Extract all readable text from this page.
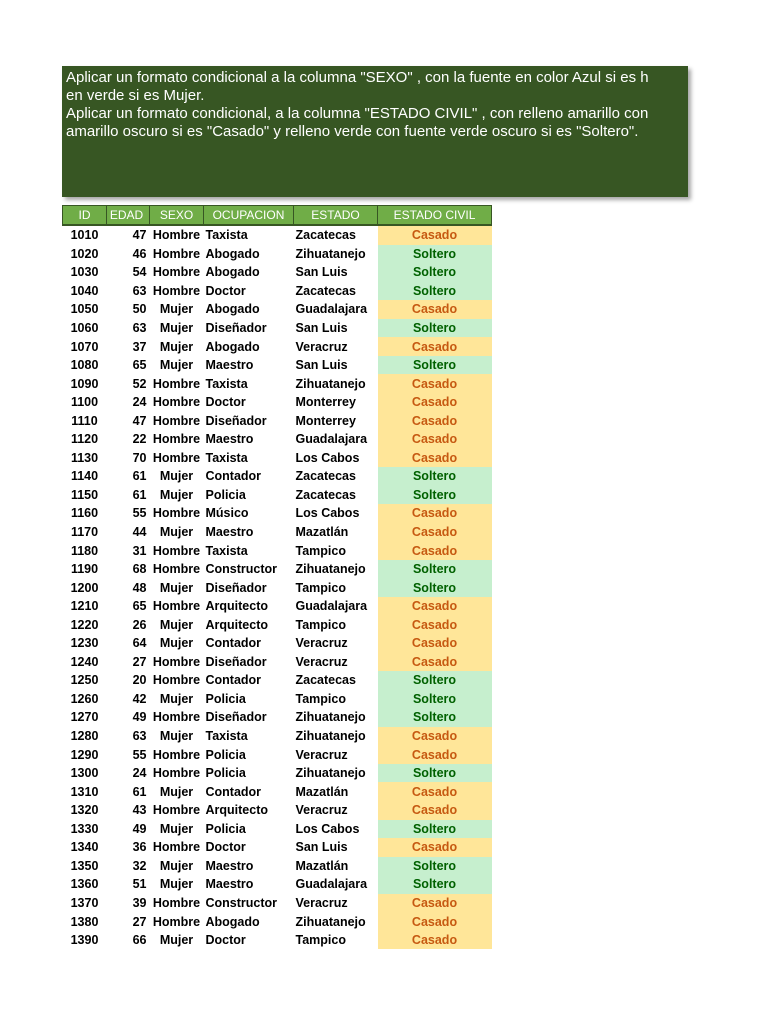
Aplicar un formato condicional a la columna "SEXO" , con la fuente en color Azul si es h
en verde si es Mujer.
Aplicar un formato condicional, a la columna "ESTADO CIVIL" , con relleno amarillo con
amarillo oscuro si es "Casado" y relleno verde con fuente verde oscuro si es "Soltero".
ID	EDAD	SEXO	OCUPACION	ESTADO	ESTADO CIVIL
1010	47	Hombre	Taxista	Zacatecas	Casado
1020	46	Hombre	Abogado	Zihuatanejo	Soltero
1030	54	Hombre	Abogado	San Luis	Soltero
1040	63	Hombre	Doctor	Zacatecas	Soltero
1050	50	Mujer	Abogado	Guadalajara	Casado
1060	63	Mujer	Diseñador	San Luis	Soltero
1070	37	Mujer	Abogado	Veracruz	Casado
1080	65	Mujer	Maestro	San Luis	Soltero
1090	52	Hombre	Taxista	Zihuatanejo	Casado
1100	24	Hombre	Doctor	Monterrey	Casado
1110	47	Hombre	Diseñador	Monterrey	Casado
1120	22	Hombre	Maestro	Guadalajara	Casado
1130	70	Hombre	Taxista	Los Cabos	Casado
1140	61	Mujer	Contador	Zacatecas	Soltero
1150	61	Mujer	Policia	Zacatecas	Soltero
1160	55	Hombre	Músico	Los Cabos	Casado
1170	44	Mujer	Maestro	Mazatlán	Casado
1180	31	Hombre	Taxista	Tampico	Casado
1190	68	Hombre	Constructor	Zihuatanejo	Soltero
1200	48	Mujer	Diseñador	Tampico	Soltero
1210	65	Hombre	Arquitecto	Guadalajara	Casado
1220	26	Mujer	Arquitecto	Tampico	Casado
1230	64	Mujer	Contador	Veracruz	Casado
1240	27	Hombre	Diseñador	Veracruz	Casado
1250	20	Hombre	Contador	Zacatecas	Soltero
1260	42	Mujer	Policia	Tampico	Soltero
1270	49	Hombre	Diseñador	Zihuatanejo	Soltero
1280	63	Mujer	Taxista	Zihuatanejo	Casado
1290	55	Hombre	Policia	Veracruz	Casado
1300	24	Hombre	Policia	Zihuatanejo	Soltero
1310	61	Mujer	Contador	Mazatlán	Casado
1320	43	Hombre	Arquitecto	Veracruz	Casado
1330	49	Mujer	Policia	Los Cabos	Soltero
1340	36	Hombre	Doctor	San Luis	Casado
1350	32	Mujer	Maestro	Mazatlán	Soltero
1360	51	Mujer	Maestro	Guadalajara	Soltero
1370	39	Hombre	Constructor	Veracruz	Casado
1380	27	Hombre	Abogado	Zihuatanejo	Casado
1390	66	Mujer	Doctor	Tampico	Casado
